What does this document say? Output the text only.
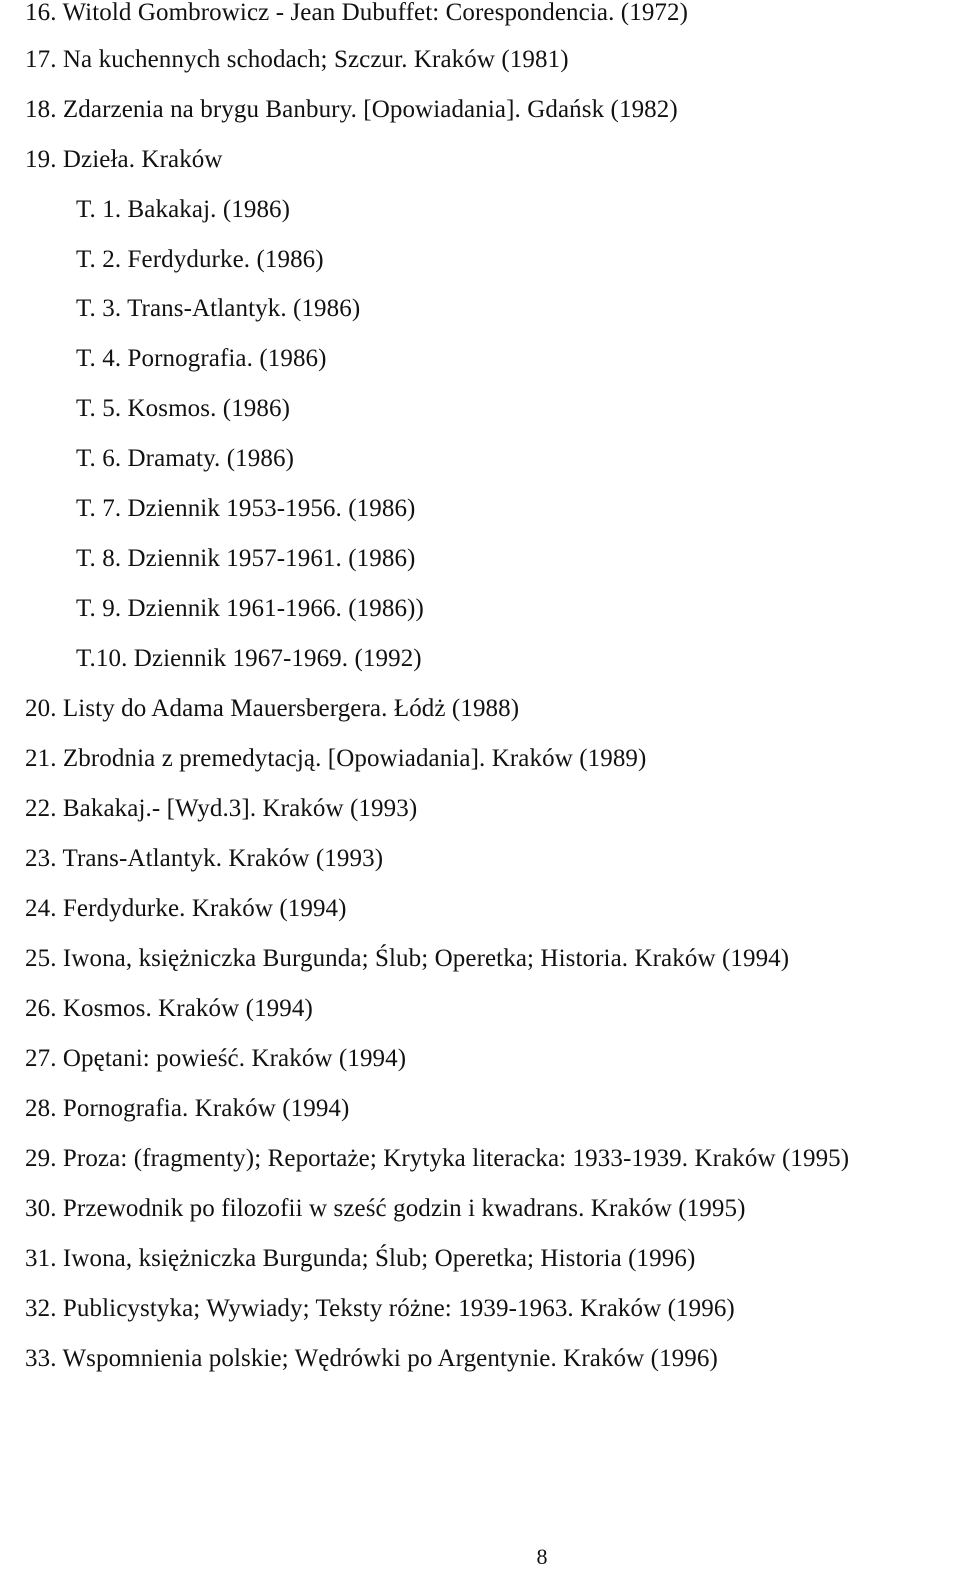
16. Witold Gombrowicz - Jean Dubuffet: Corespondencia. (1972)
17. Na kuchennych schodach; Szczur. Kraków (1981)
18. Zdarzenia na brygu Banbury. [Opowiadania]. Gdańsk (1982)
19. Dzieła. Kraków
T. 1. Bakakaj. (1986)
T. 2. Ferdydurke. (1986)
T. 3. Trans-Atlantyk. (1986)
T. 4. Pornografia. (1986)
T. 5. Kosmos. (1986)
T. 6. Dramaty. (1986)
T. 7. Dziennik 1953-1956. (1986)
T. 8. Dziennik 1957-1961. (1986)
T. 9. Dziennik 1961-1966. (1986))
T.10. Dziennik 1967-1969. (1992)
20. Listy do Adama Mauersbergera. Łódż (1988)
21. Zbrodnia z premedytacją. [Opowiadania]. Kraków (1989)
22. Bakakaj.- [Wyd.3]. Kraków (1993)
23. Trans-Atlantyk. Kraków (1993)
24. Ferdydurke. Kraków (1994)
25. Iwona, księżniczka Burgunda; Ślub; Operetka; Historia. Kraków (1994)
26. Kosmos. Kraków (1994)
27. Opętani: powieść. Kraków (1994)
28. Pornografia. Kraków (1994)
29. Proza: (fragmenty); Reportaże; Krytyka literacka: 1933-1939. Kraków (1995)
30. Przewodnik po filozofii w sześć godzin i kwadrans. Kraków (1995)
31. Iwona, księżniczka Burgunda; Ślub; Operetka; Historia (1996)
32. Publicystyka; Wywiady; Teksty różne: 1939-1963. Kraków (1996)
33. Wspomnienia polskie; Wędrówki po Argentynie. Kraków (1996)
8
